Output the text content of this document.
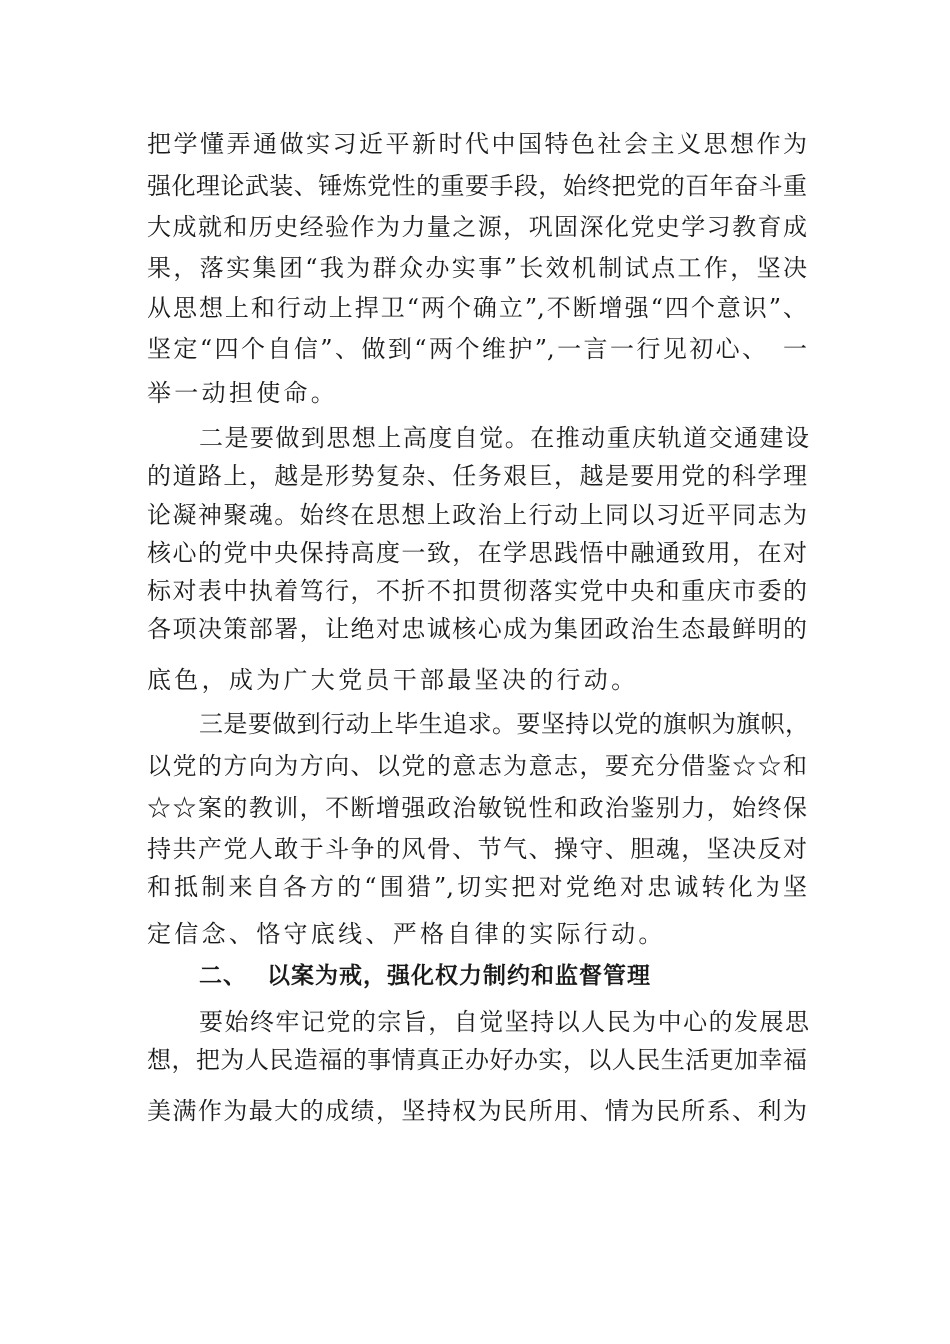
把学懂弄通做实习近平新时代中国特色社会主义思想作为
强化理论武装、锤炼党性的重要手段，始终把党的百年奋斗重
大成就和历史经验作为力量之源，巩固深化党史学习教育成
果，落实集团“我为群众办实事”长效机制试点工作，坚决
从思想上和行动上捍卫“两个确立”,不断增强“四个意识”、
坚定“四个自信”、做到“两个维护”,一言一行见初心、　一
举一动担使命。
二是要做到思想上高度自觉。在推动重庆轨道交通建设
的道路上，越是形势复杂、任务艰巨，越是要用党的科学理
论凝神聚魂。始终在思想上政治上行动上同以习近平同志为
核心的党中央保持高度一致，在学思践悟中融通致用，在对
标对表中执着笃行，不折不扣贯彻落实党中央和重庆市委的
各项决策部署，让绝对忠诚核心成为集团政治生态最鲜明的
底色，成为广大党员干部最坚决的行动。
三是要做到行动上毕生追求。要坚持以党的旗帜为旗帜，
以党的方向为方向、以党的意志为意志，要充分借鉴☆☆和
☆☆案的教训，不断增强政治敏锐性和政治鉴别力，始终保
持共产党人敢于斗争的风骨、节气、操守、胆魂，坚决反对
和抵制来自各方的“围猎”,切实把对党绝对忠诚转化为坚
定信念、恪守底线、严格自律的实际行动。
二、 以案为戒，强化权力制约和监督管理
要始终牢记党的宗旨，自觉坚持以人民为中心的发展思
想，把为人民造福的事情真正办好办实，以人民生活更加幸福
美满作为最大的成绩，坚持权为民所用、情为民所系、利为
